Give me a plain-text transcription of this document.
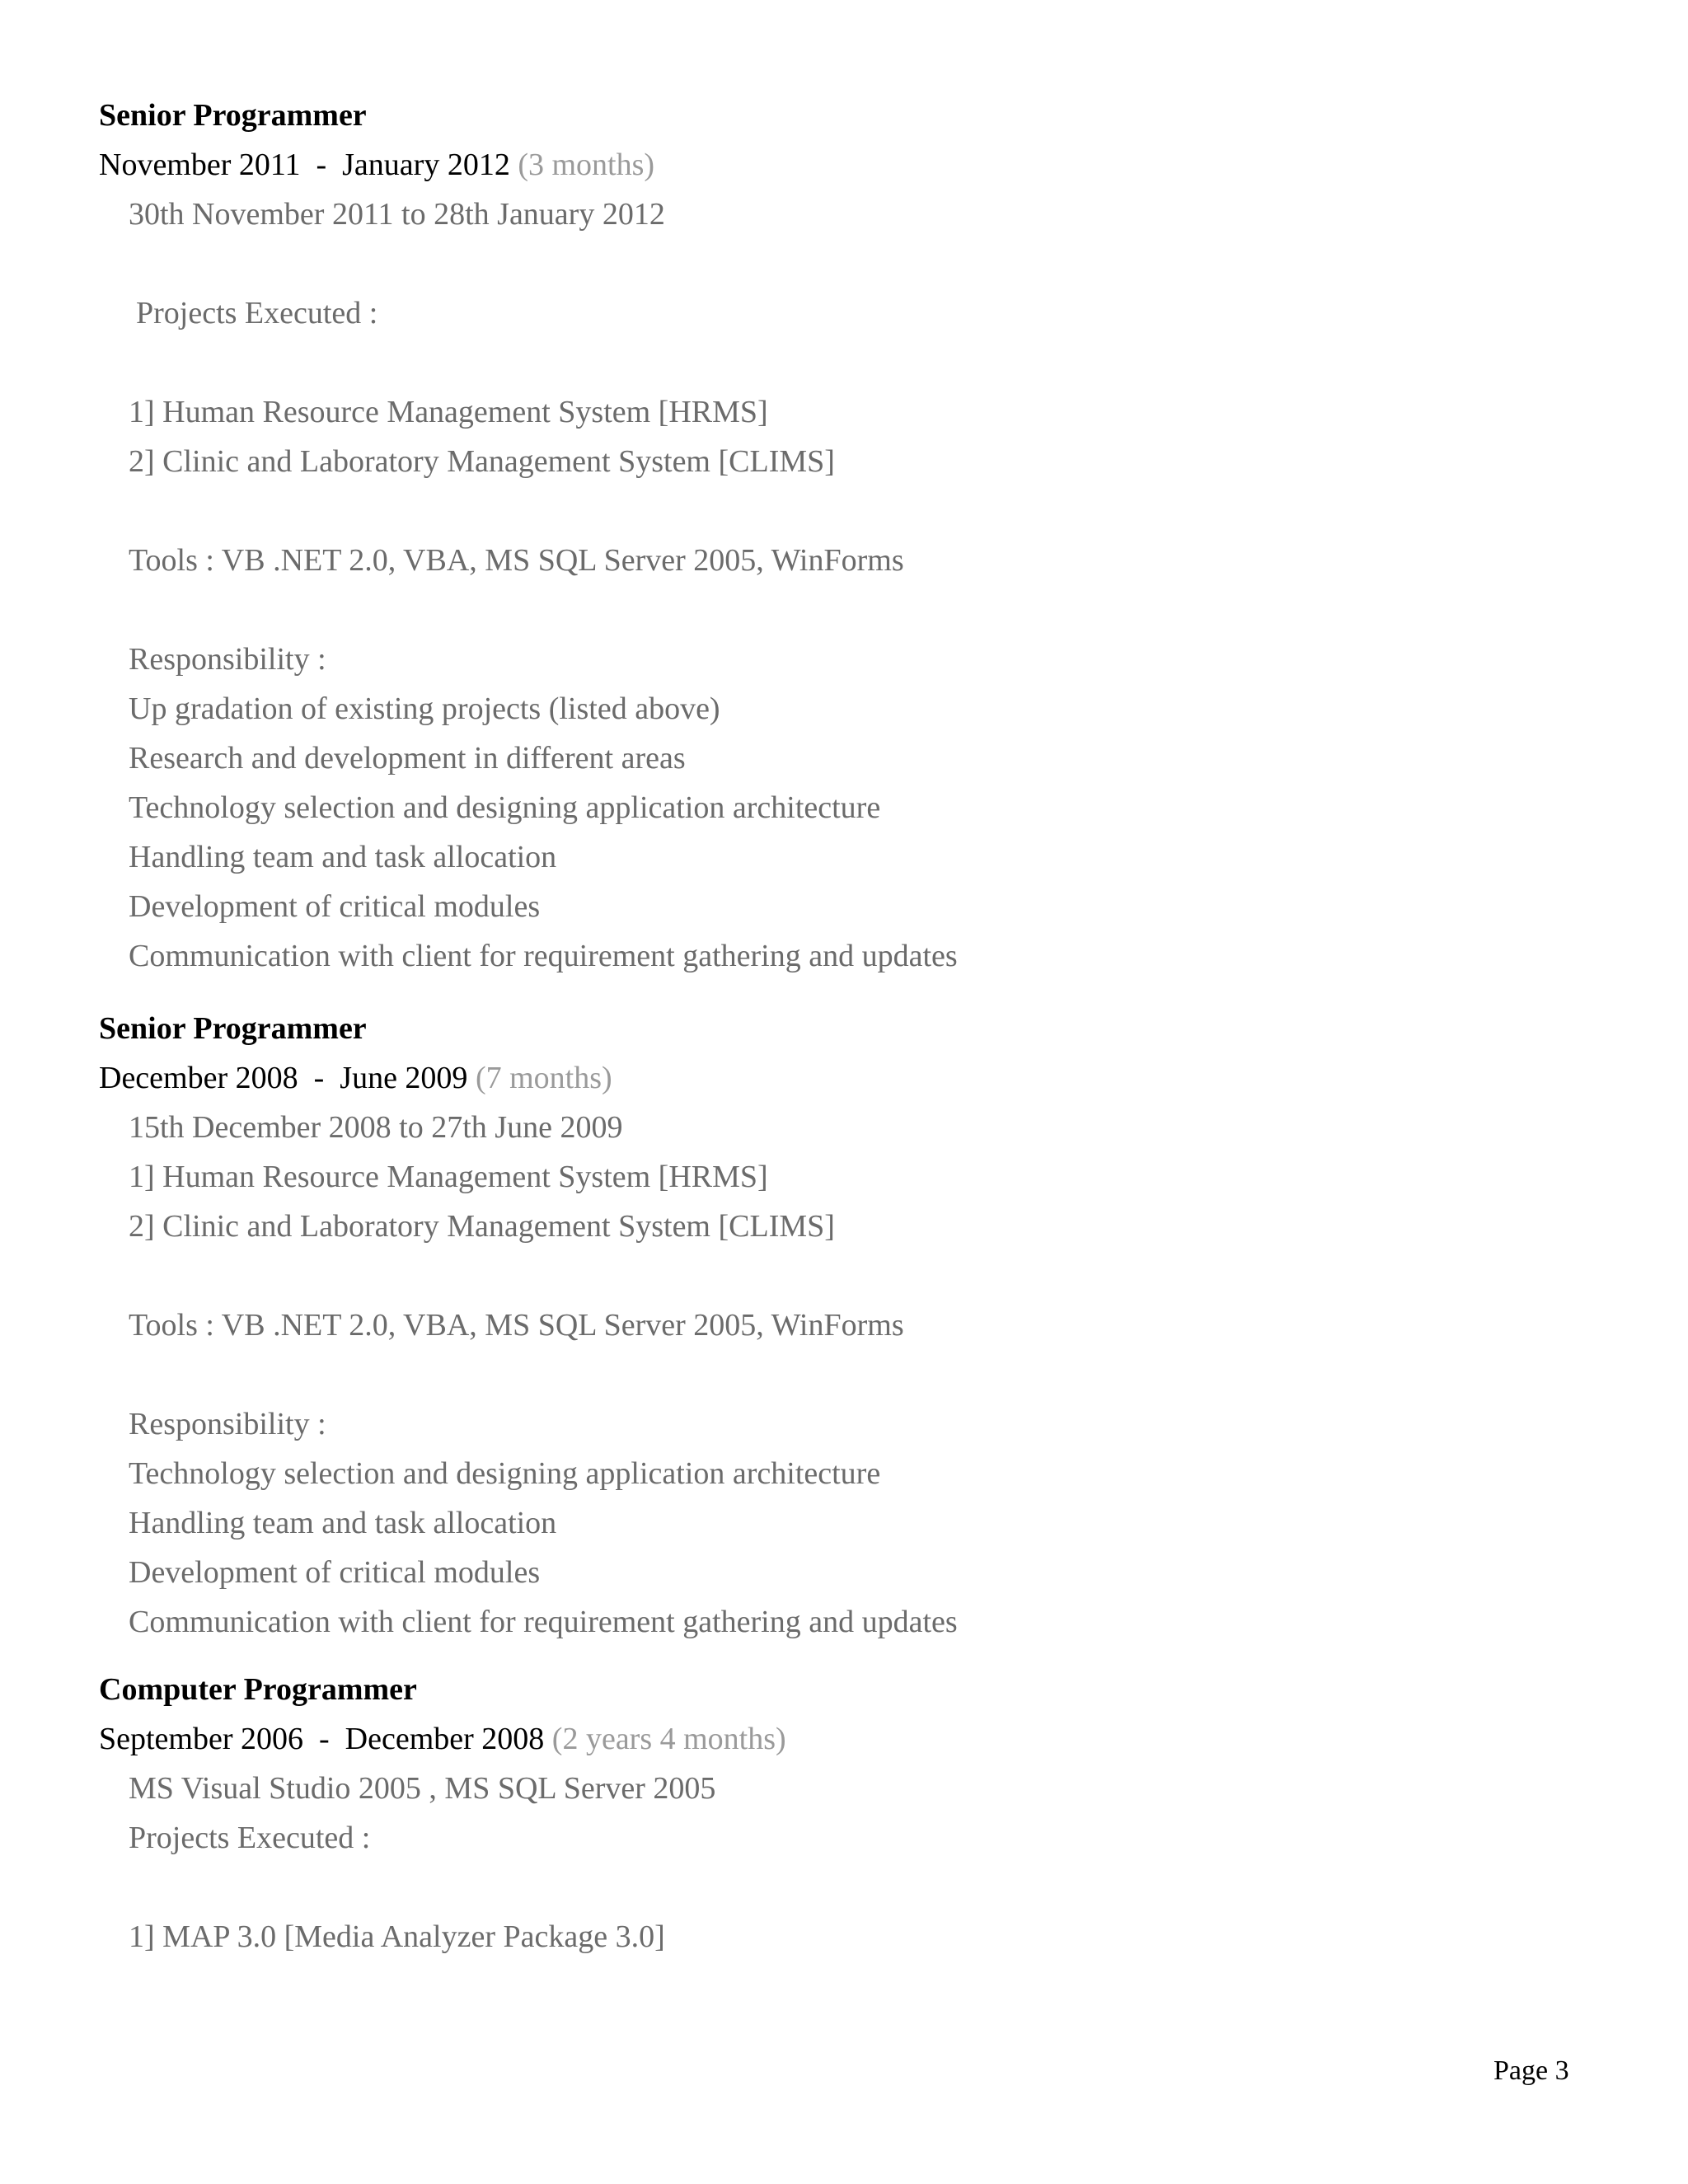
Senior Programmer
November 2011 - January 2012 (3 months)
30th November 2011 to 28th January 2012
Projects Executed :
1] Human Resource Management System [HRMS]
2] Clinic and Laboratory Management System [CLIMS]
Tools : VB .NET 2.0, VBA, MS SQL Server 2005, WinForms
Responsibility :
Up gradation of existing projects (listed above)
Research and development in different areas
Technology selection and designing application architecture
Handling team and task allocation
Development of critical modules
Communication with client for requirement gathering and updates
Senior Programmer
December 2008 - June 2009 (7 months)
15th December 2008 to 27th June 2009
1] Human Resource Management System [HRMS]
2] Clinic and Laboratory Management System [CLIMS]
Tools : VB .NET 2.0, VBA, MS SQL Server 2005, WinForms
Responsibility :
Technology selection and designing application architecture
Handling team and task allocation
Development of critical modules
Communication with client for requirement gathering and updates
Computer Programmer
September 2006 - December 2008 (2 years 4 months)
MS Visual Studio 2005 , MS SQL Server 2005
Projects Executed :
1] MAP 3.0 [Media Analyzer Package 3.0]
Page 3
